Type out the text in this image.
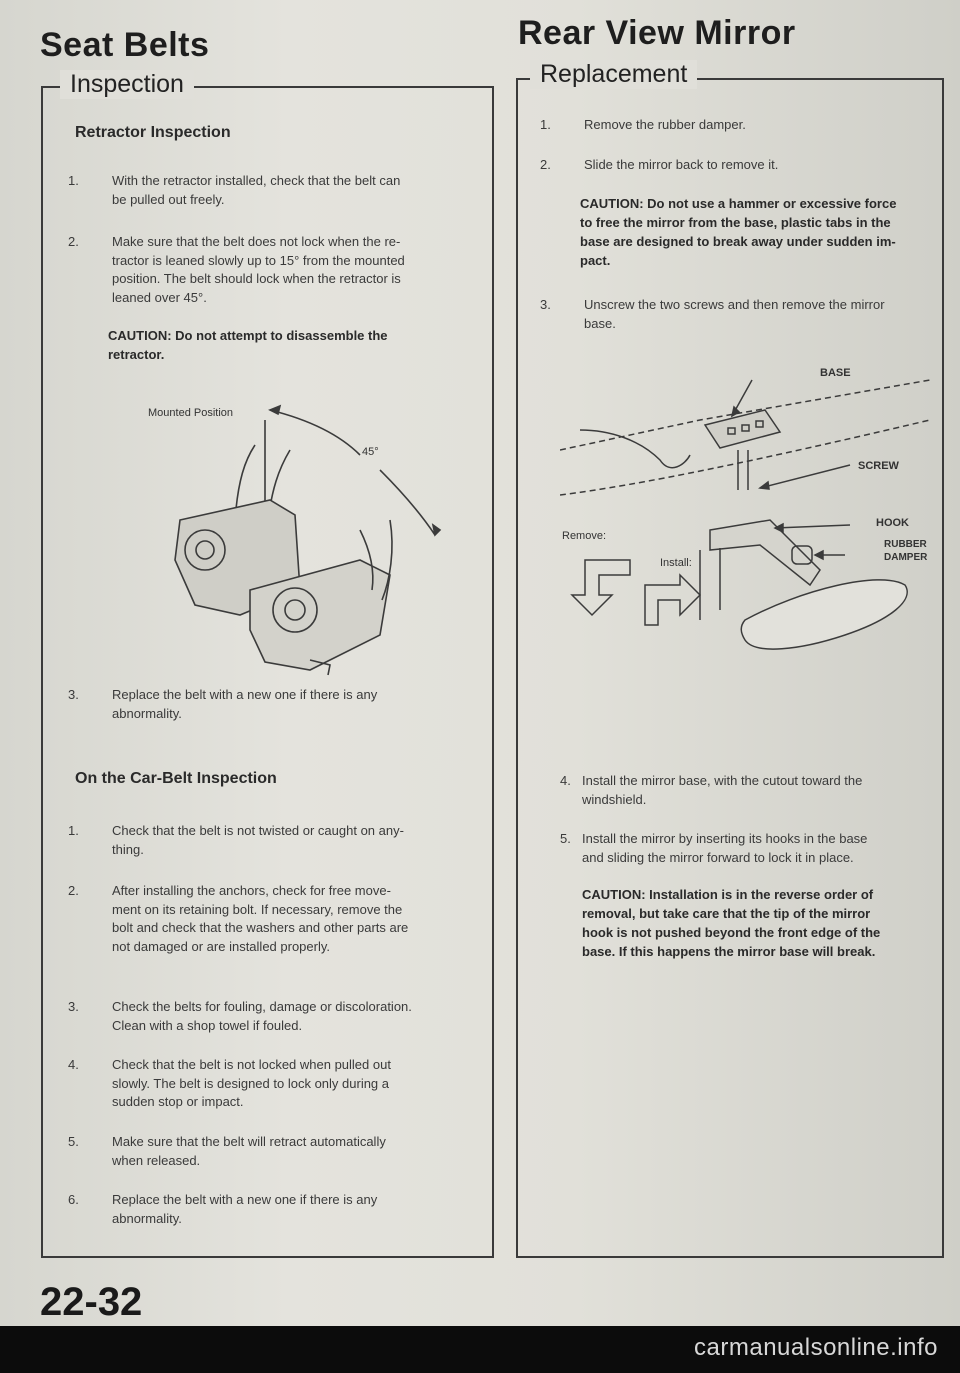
Seat Belts
Inspection
Retractor Inspection
1.	With the retractor installed, check that the belt can
be pulled out freely.
2.	Make sure that the belt does not lock when the re-
tractor is leaned slowly up to 15° from the mounted
position. The belt should lock when the retractor is
leaned over 45°.
CAUTION: Do not attempt to disassemble the
retractor.
Mounted Position
45°
3.	Replace the belt with a new one if there is any
abnormality.
On the Car-Belt Inspection
1.	Check that the belt is not twisted or caught on any-
thing.
2.	After installing the anchors, check for free move-
ment on its retaining bolt. If necessary, remove the
bolt and check that the washers and other parts are
not damaged or are installed properly.
3.	Check the belts for fouling, damage or discoloration.
Clean with a shop towel if fouled.
4.	Check that the belt is not locked when pulled out
slowly. The belt is designed to lock only during a
sudden stop or impact.
5.	Make sure that the belt will retract automatically
when released.
6.	Replace the belt with a new one if there is any
abnormality.
Rear View Mirror
Replacement
1.	Remove the rubber damper.
2.	Slide the mirror back to remove it.
CAUTION: Do not use a hammer or excessive force
to free the mirror from the base, plastic tabs in the
base are designed to break away under sudden im-
pact.
3.	Unscrew the two screws and then remove the mirror
base.
BASE
SCREW
HOOK
RUBBER
DAMPER
Remove:
Install:
4. Install the mirror base, with the cutout toward the
windshield.
5. Install the mirror by inserting its hooks in the base
and sliding the mirror forward to lock it in place.
CAUTION: Installation is in the reverse order of
removal, but take care that the tip of the mirror
hook is not pushed beyond the front edge of the
base. If this happens the mirror base will break.
22-32
carmanualsonline.info
